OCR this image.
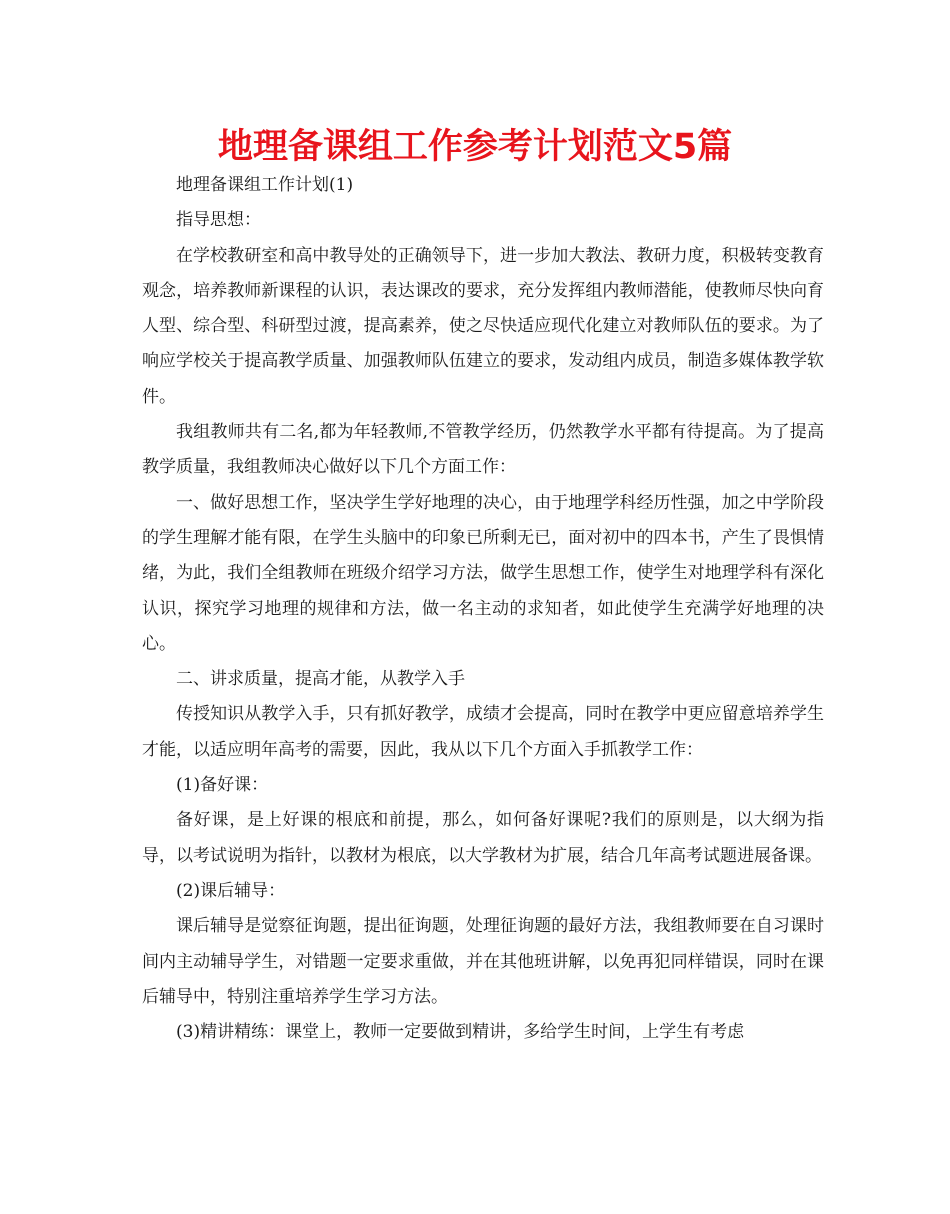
地理备课组工作参考计划范文5篇

地理备课组工作计划(1)

指导思想：

在学校教研室和高中教导处的正确领导下，进一步加大教法、教研力度，积极转变教育观念，培养教师新课程的认识，表达课改的要求，充分发挥组内教师潜能，使教师尽快向育人型、综合型、科研型过渡，提高素养，使之尽快适应现代化建立对教师队伍的要求。为了响应学校关于提高教学质量、加强教师队伍建立的要求，发动组内成员，制造多媒体教学软件。

我组教师共有二名,都为年轻教师,不管教学经历，仍然教学水平都有待提高。为了提高教学质量，我组教师决心做好以下几个方面工作：

一、做好思想工作，坚决学生学好地理的决心，由于地理学科经历性强，加之中学阶段的学生理解才能有限，在学生头脑中的印象已所剩无已，面对初中的四本书，产生了畏惧情绪，为此，我们全组教师在班级介绍学习方法，做学生思想工作，使学生对地理学科有深化认识，探究学习地理的规律和方法，做一名主动的求知者，如此使学生充满学好地理的决心。

二、讲求质量，提高才能，从教学入手

传授知识从教学入手，只有抓好教学，成绩才会提高，同时在教学中更应留意培养学生才能，以适应明年高考的需要，因此，我从以下几个方面入手抓教学工作：

(1)备好课：

备好课，是上好课的根底和前提，那么，如何备好课呢?我们的原则是，以大纲为指导，以考试说明为指针，以教材为根底，以大学教材为扩展，结合几年高考试题进展备课。

(2)课后辅导：

课后辅导是觉察征询题，提出征询题，处理征询题的最好方法，我组教师要在自习课时间内主动辅导学生，对错题一定要求重做，并在其他班讲解，以免再犯同样错误，同时在课后辅导中，特别注重培养学生学习方法。

(3)精讲精练：课堂上，教师一定要做到精讲，多给学生时间，上学生有考虑
